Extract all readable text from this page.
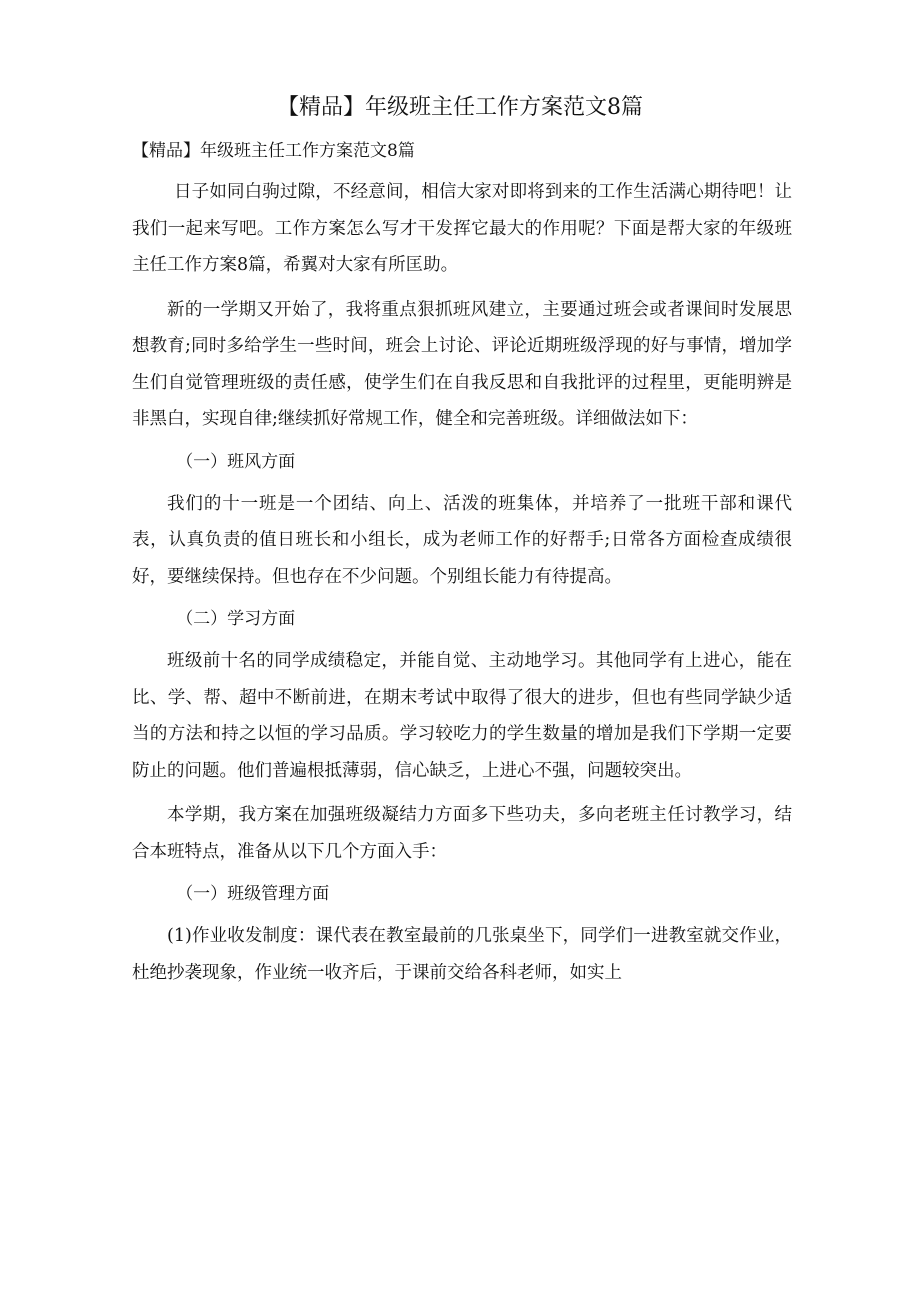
【精品】年级班主任工作方案范文8篇

【精品】年级班主任工作方案范文8篇

日子如同白驹过隙，不经意间，相信大家对即将到来的工作生活满心期待吧！让我们一起来写吧。工作方案怎么写才干发挥它最大的作用呢？下面是帮大家的年级班主任工作方案8篇，希翼对大家有所匡助。

新的一学期又开始了，我将重点狠抓班风建立，主要通过班会或者课间时发展思想教育;同时多给学生一些时间，班会上讨论、评论近期班级浮现的好与事情，增加学生们自觉管理班级的责任感，使学生们在自我反思和自我批评的过程里，更能明辨是非黑白，实现自律;继续抓好常规工作，健全和完善班级。详细做法如下：

（一）班风方面

我们的十一班是一个团结、向上、活泼的班集体，并培养了一批班干部和课代表，认真负责的值日班长和小组长，成为老师工作的好帮手;日常各方面检查成绩很好，要继续保持。但也存在不少问题。个别组长能力有待提高。

（二）学习方面

班级前十名的同学成绩稳定，并能自觉、主动地学习。其他同学有上进心，能在比、学、帮、超中不断前进，在期末考试中取得了很大的进步，但也有些同学缺少适当的方法和持之以恒的学习品质。学习较吃力的学生数量的增加是我们下学期一定要防止的问题。他们普遍根抵薄弱，信心缺乏，上进心不强，问题较突出。

本学期，我方案在加强班级凝结力方面多下些功夫，多向老班主任讨教学习，结合本班特点，准备从以下几个方面入手：

（一）班级管理方面

(1)作业收发制度：课代表在教室最前的几张桌坐下，同学们一进教室就交作业，杜绝抄袭现象，作业统一收齐后，于课前交给各科老师，如实上
